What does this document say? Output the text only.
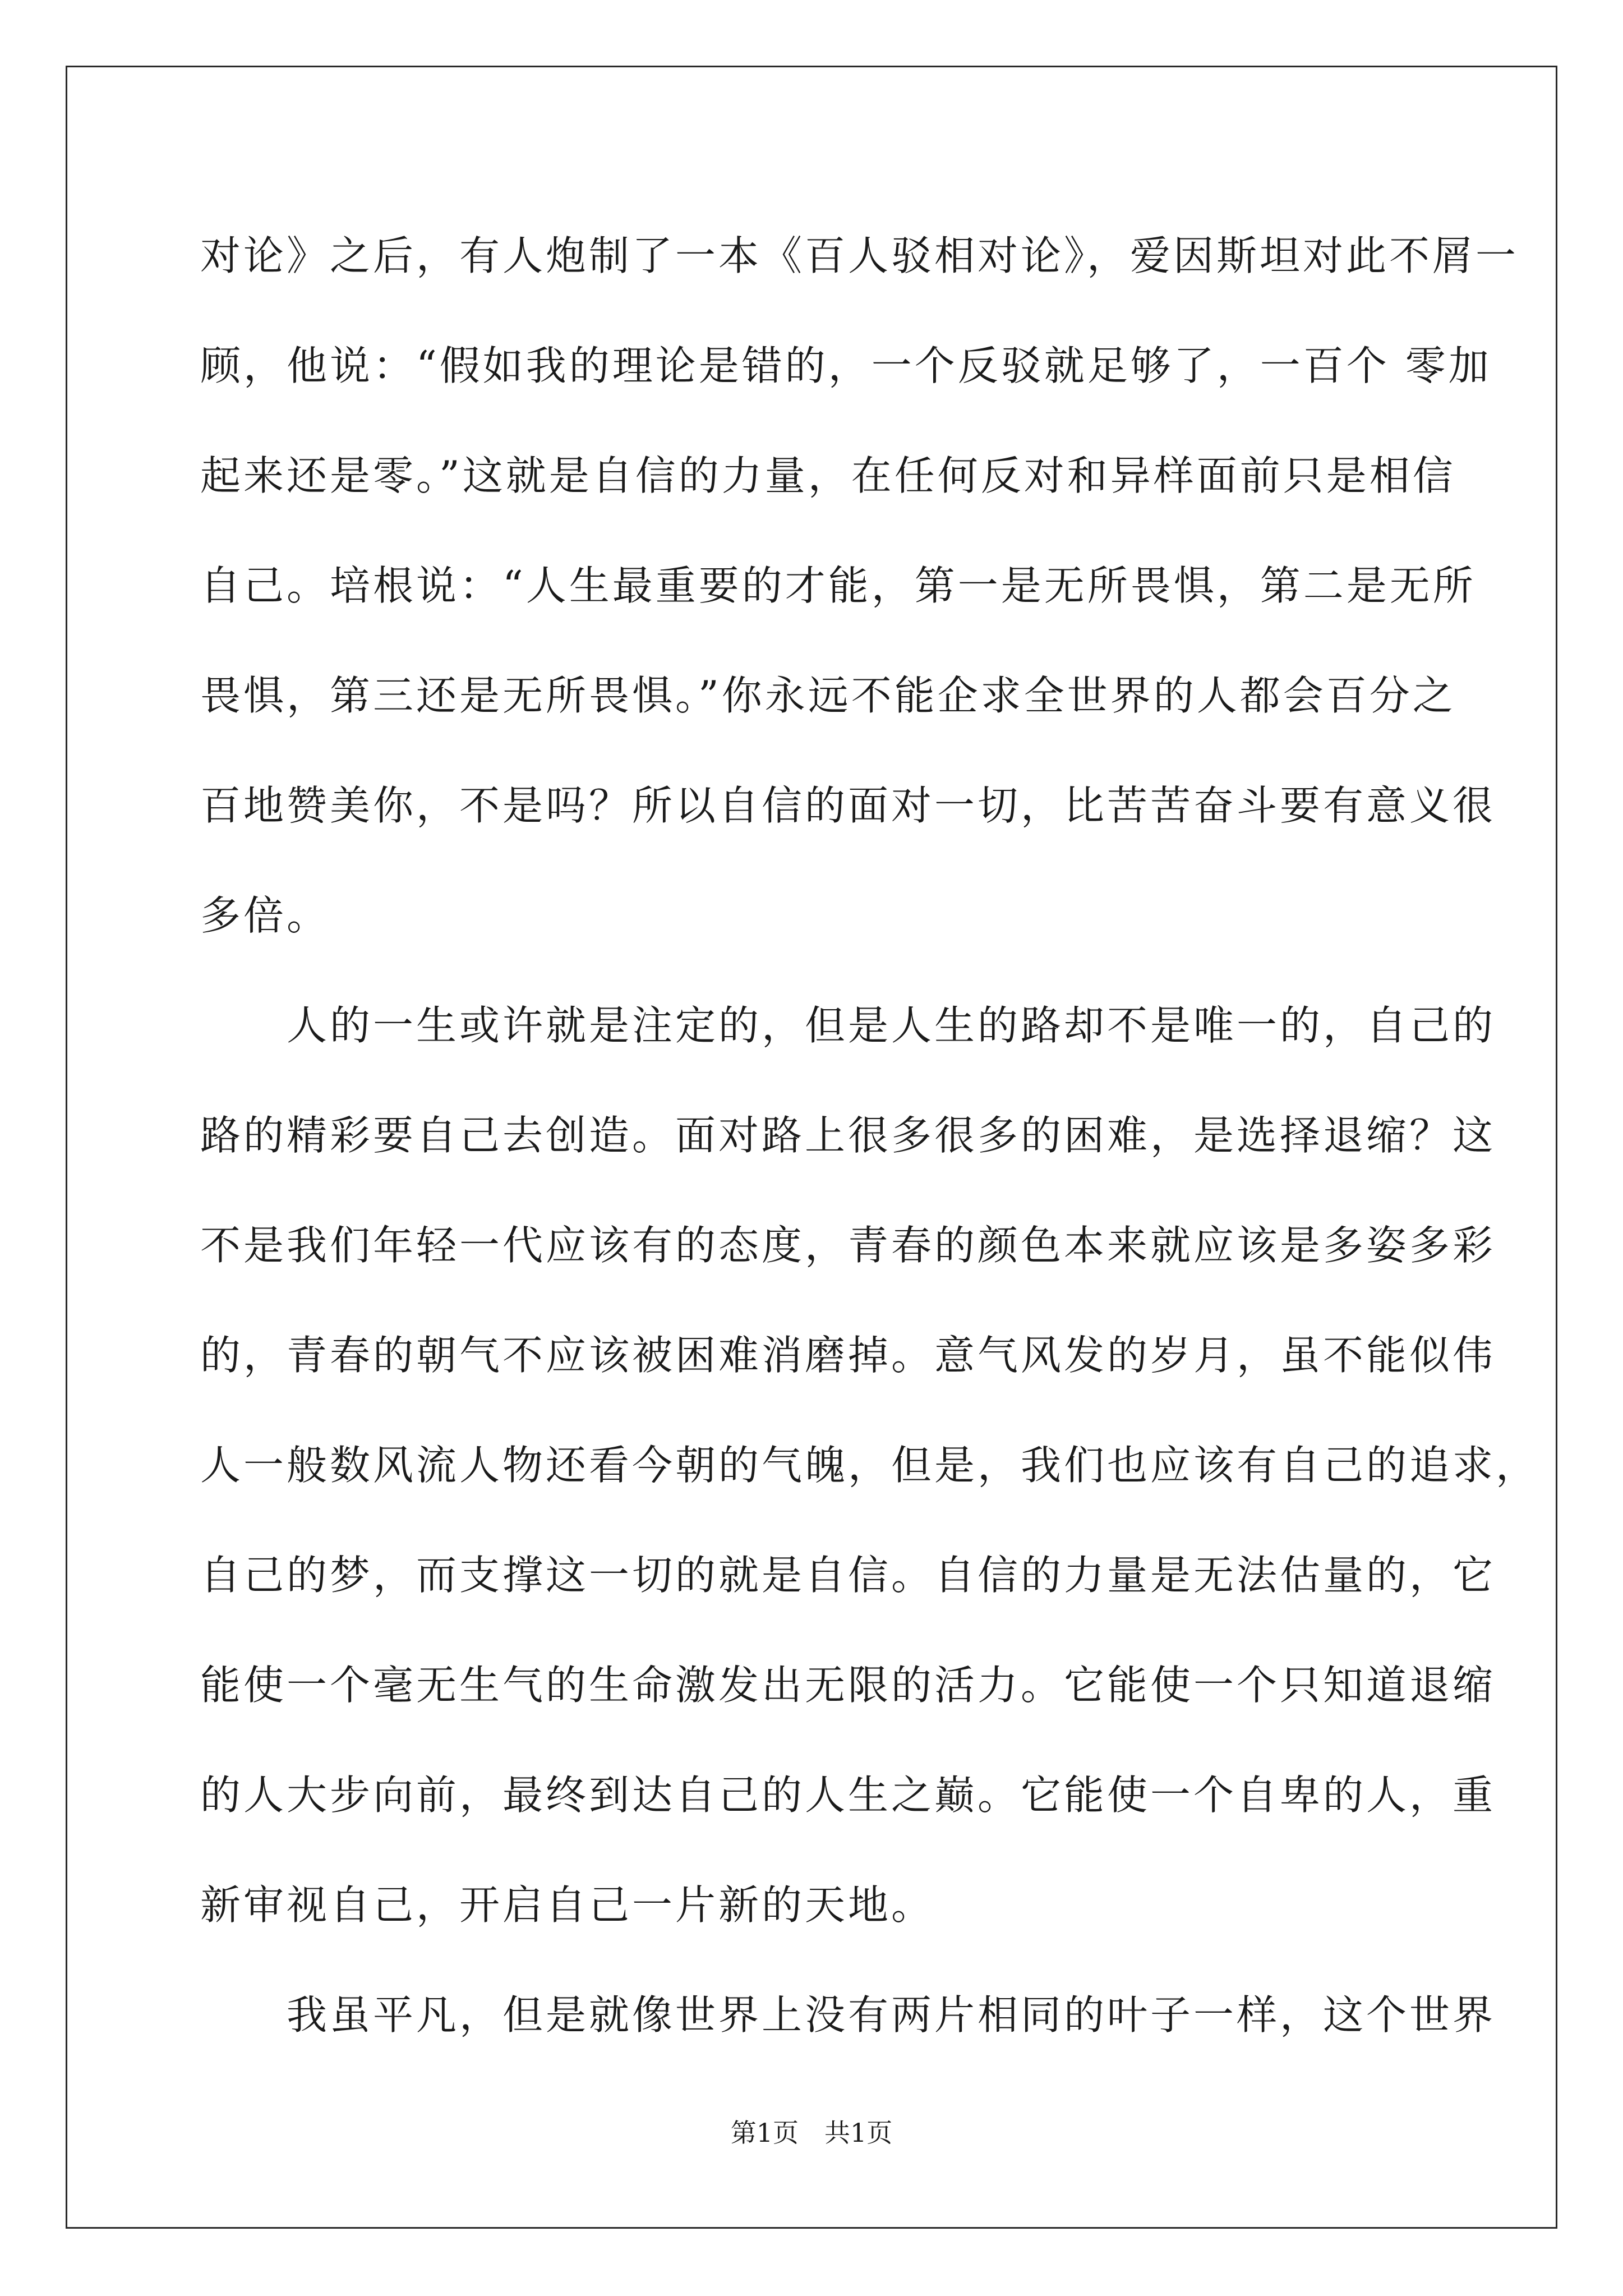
对论》之后，有人炮制了一本《百人驳相对论》，爱因斯坦对此不屑一
顾，他说：“假如我的理论是错的，一个反驳就足够了，一百个 零加
起来还是零。”这就是自信的力量，在任何反对和异样面前只是相信
自己。培根说：“人生最重要的才能，第一是无所畏惧，第二是无所
畏惧，第三还是无所畏惧。”你永远不能企求全世界的人都会百分之
百地赞美你，不是吗？所以自信的面对一切，比苦苦奋斗要有意义很
多倍。
　　人的一生或许就是注定的，但是人生的路却不是唯一的，自己的
路的精彩要自己去创造。面对路上很多很多的困难，是选择退缩？这
不是我们年轻一代应该有的态度，青春的颜色本来就应该是多姿多彩
的，青春的朝气不应该被困难消磨掉。意气风发的岁月，虽不能似伟
人一般数风流人物还看今朝的气魄，但是，我们也应该有自己的追求，
自己的梦，而支撑这一切的就是自信。自信的力量是无法估量的，它
能使一个毫无生气的生命激发出无限的活力。它能使一个只知道退缩
的人大步向前，最终到达自己的人生之巅。它能使一个自卑的人，重
新审视自己，开启自己一片新的天地。
　　我虽平凡，但是就像世界上没有两片相同的叶子一样，这个世界
第1页　共1页
